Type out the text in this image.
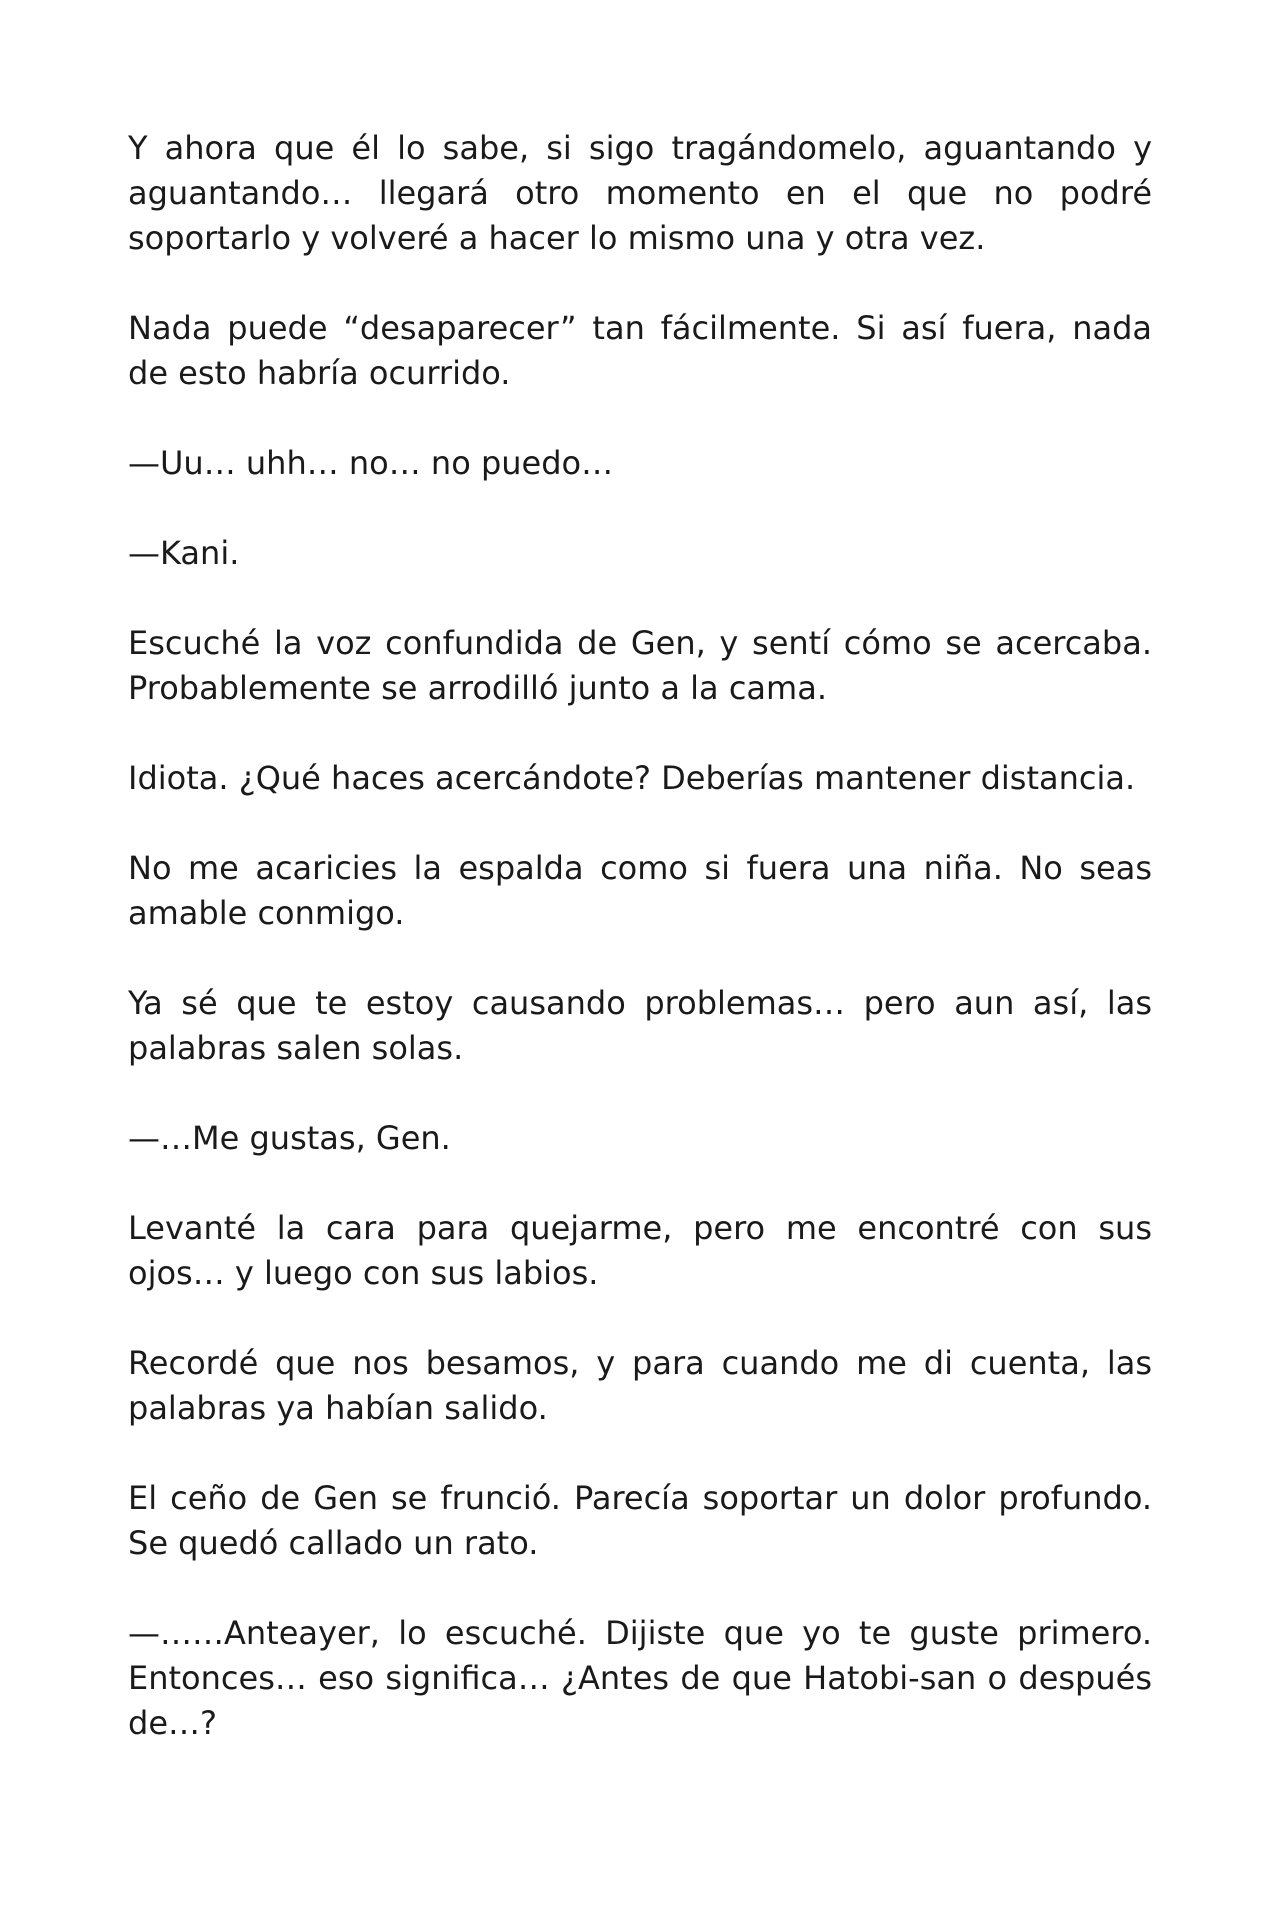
Y ahora que él lo sabe, si sigo tragándomelo, aguantando y aguantando… llegará otro momento en el que no podré soportarlo y volveré a hacer lo mismo una y otra vez.

Nada puede “desaparecer” tan fácilmente. Si así fuera, nada de esto habría ocurrido.

—Uu… uhh… no… no puedo…

—Kani.

Escuché la voz confundida de Gen, y sentí cómo se acercaba. Probablemente se arrodilló junto a la cama.

Idiota. ¿Qué haces acercándote? Deberías mantener distancia.

No me acaricies la espalda como si fuera una niña. No seas amable conmigo.

Ya sé que te estoy causando problemas… pero aun así, las palabras salen solas.

—…Me gustas, Gen.

Levanté la cara para quejarme, pero me encontré con sus ojos… y luego con sus labios.

Recordé que nos besamos, y para cuando me di cuenta, las palabras ya habían salido.

El ceño de Gen se frunció. Parecía soportar un dolor profundo. Se quedó callado un rato.

—……Anteayer, lo escuché. Dijiste que yo te guste primero. Entonces… eso significa… ¿Antes de que Hatobi-san o después de…?
